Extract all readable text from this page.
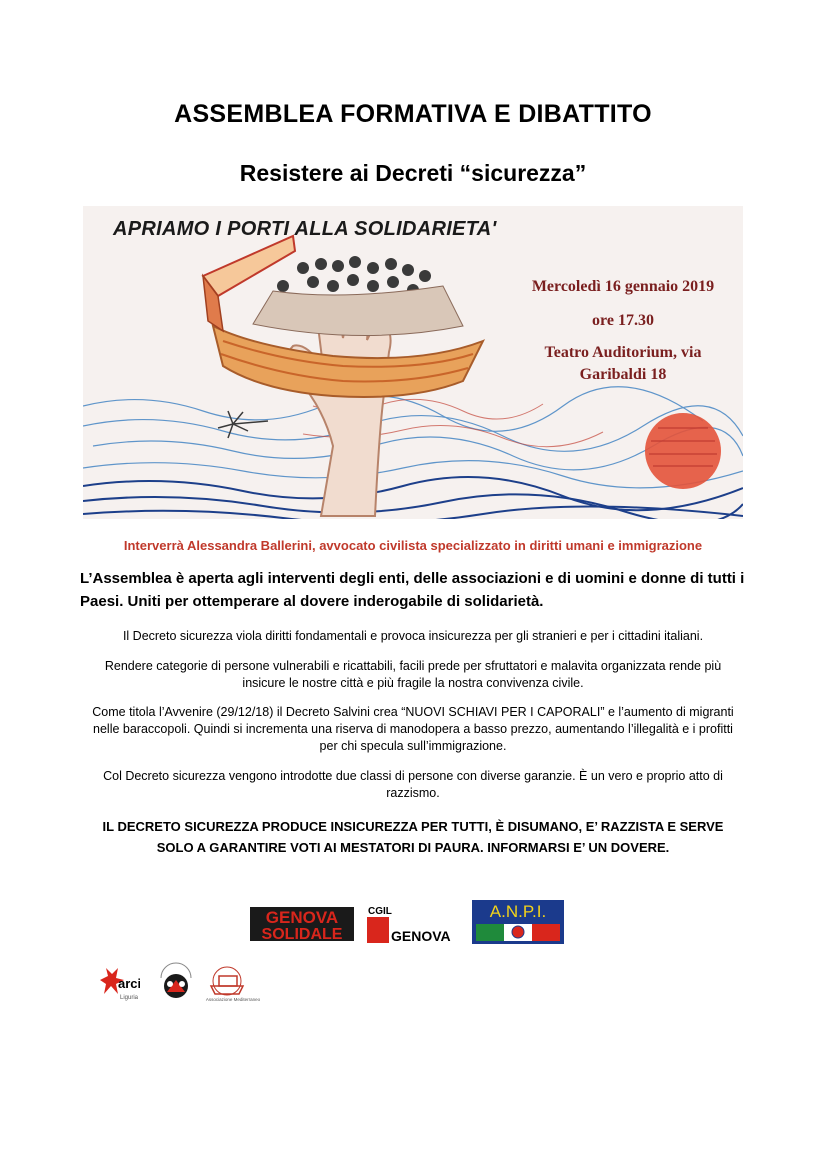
ASSEMBLEA FORMATIVA E DIBATTITO
Resistere ai Decreti “sicurezza”
APRIAMO I PORTI ALLA SOLIDARIETA'
Mercoledì 16 gennaio 2019
ore 17.30
Teatro Auditorium, via
Garibaldi 18
Interverrà Alessandra Ballerini, avvocato civilista specializzato in diritti umani e immigrazione
L’Assemblea è aperta agli interventi degli enti, delle associazioni e di uomini e donne di tutti i Paesi. Uniti per ottemperare al dovere inderogabile di solidarietà.
Il Decreto sicurezza viola diritti fondamentali e provoca insicurezza per gli stranieri e per i cittadini italiani.
Rendere categorie di persone vulnerabili e ricattabili, facili prede per sfruttatori e malavita organizzata rende più insicure le nostre città e più fragile la nostra convivenza civile.
Come titola l’Avvenire (29/12/18) il Decreto Salvini crea “NUOVI SCHIAVI PER I CAPORALI” e l’aumento di migranti nelle baraccopoli. Quindi si incrementa una riserva di manodopera a basso prezzo, aumentando l’illegalità e i profitti per chi specula sull’immigrazione.
Col Decreto sicurezza vengono introdotte due classi di persone con diverse garanzie. È un vero e proprio atto di razzismo.
IL DECRETO SICUREZZA PRODUCE INSICUREZZA PER TUTTI, È DISUMANO, E’ RAZZISTA E SERVE SOLO A GARANTIRE VOTI AI MESTATORI DI PAURA. INFORMARSI E’ UN DOVERE.
GENOVA
SOLIDALE
CGIL
GENOVA
A.N.P.I.
arci
Liguria	Associazione Mediterraneo
